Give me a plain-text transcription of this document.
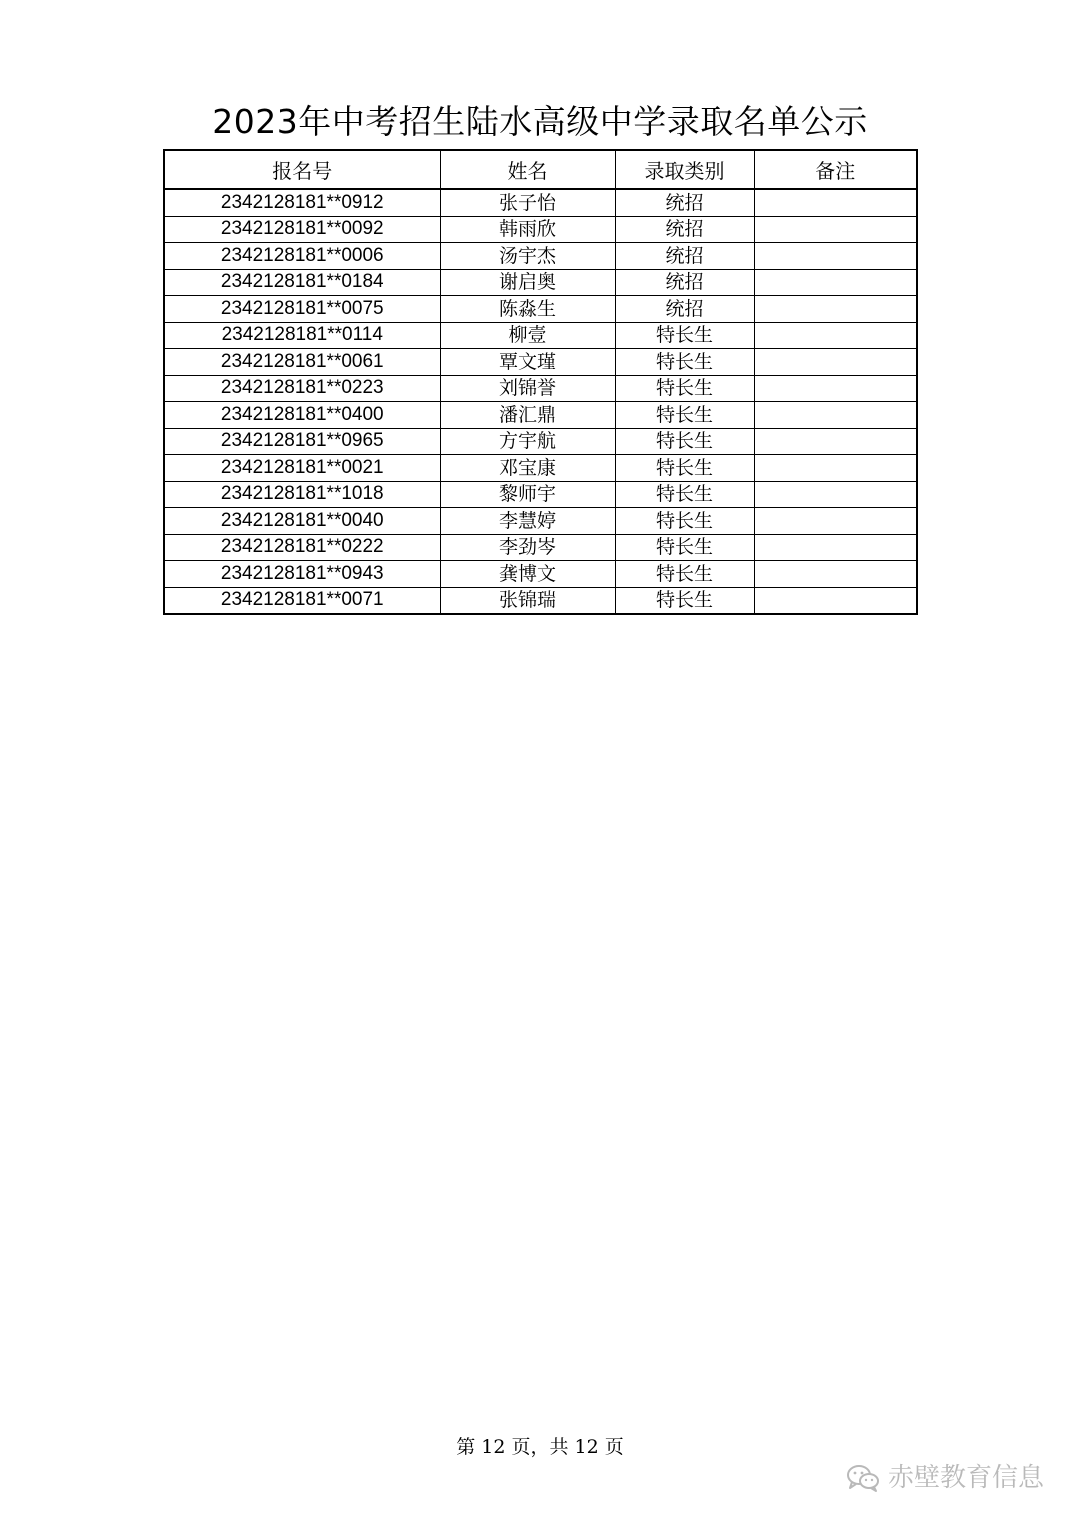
2023年中考招生陆水高级中学录取名单公示
报名号	姓名	录取类别	备注
2342128181**0912	张子怡	统招	
2342128181**0092	韩雨欣	统招	
2342128181**0006	汤宇杰	统招	
2342128181**0184	谢启奥	统招	
2342128181**0075	陈淼生	统招	
2342128181**0114	柳壹	特长生	
2342128181**0061	覃文瑾	特长生	
2342128181**0223	刘锦誉	特长生	
2342128181**0400	潘汇鼎	特长生	
2342128181**0965	方宇航	特长生	
2342128181**0021	邓宝康	特长生	
2342128181**1018	黎师宇	特长生	
2342128181**0040	李慧婷	特长生	
2342128181**0222	李劲岑	特长生	
2342128181**0943	龚博文	特长生	
2342128181**0071	张锦瑞	特长生	
第 12 页，共 12 页
赤壁教育信息
